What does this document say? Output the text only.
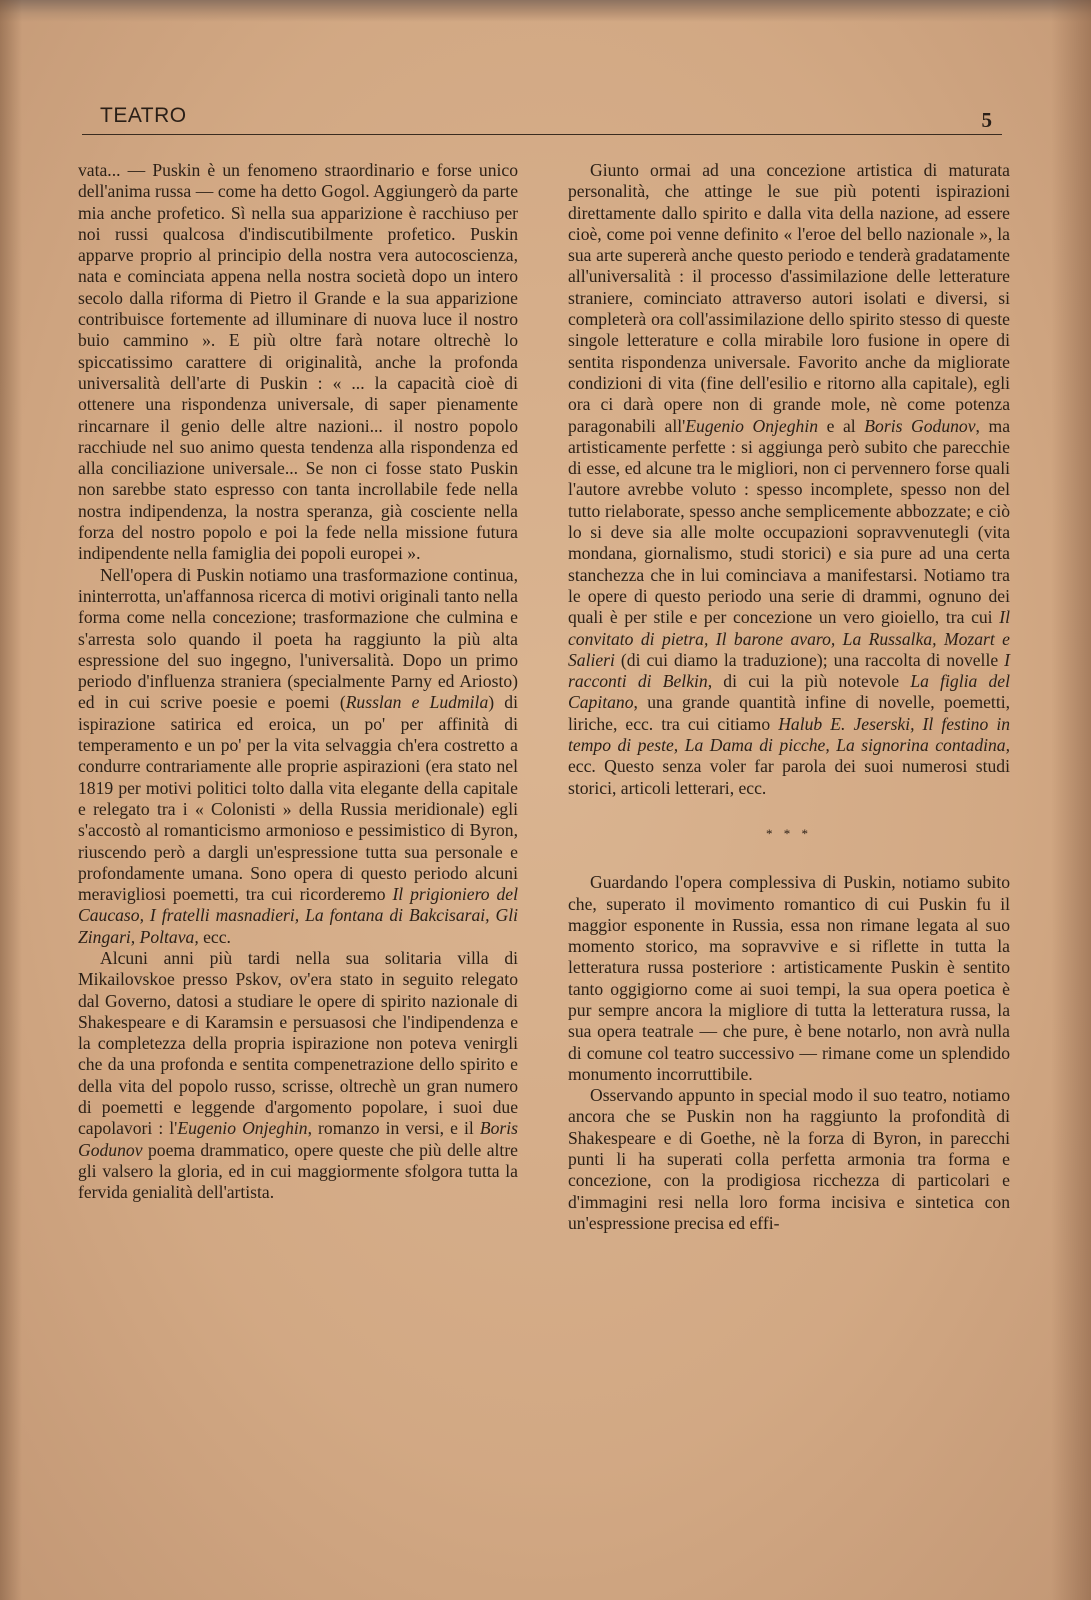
TEATRO	5

vata... — Puskin è un fenomeno straordinario e forse unico dell'anima russa — come ha detto Gogol. Aggiungerò da parte mia anche profetico. Sì nella sua apparizione è racchiuso per noi russi qualcosa d'indiscutibilmente profetico. Puskin apparve proprio al principio della nostra vera autocoscienza, nata e cominciata appena nella nostra società dopo un intero secolo dalla riforma di Pietro il Grande e la sua apparizione contribuisce fortemente ad illuminare di nuova luce il nostro buio cammino ». E più oltre farà notare oltrechè lo spiccatissimo carattere di originalità, anche la profonda universalità dell'arte di Puskin : « ... la capacità cioè di ottenere una rispondenza universale, di saper pienamente rincarnare il genio delle altre nazioni... il nostro popolo racchiude nel suo animo questa tendenza alla rispondenza ed alla conciliazione universale... Se non ci fosse stato Puskin non sarebbe stato espresso con tanta incrollabile fede nella nostra indipendenza, la nostra speranza, già cosciente nella forza del nostro popolo e poi la fede nella missione futura indipendente nella famiglia dei popoli europei ».

Nell'opera di Puskin notiamo una trasformazione continua, ininterrotta, un'affannosa ricerca di motivi originali tanto nella forma come nella concezione; trasformazione che culmina e s'arresta solo quando il poeta ha raggiunto la più alta espressione del suo ingegno, l'universalità. Dopo un primo periodo d'influenza straniera (specialmente Parny ed Ariosto) ed in cui scrive poesie e poemi (Russlan e Ludmila) di ispirazione satirica ed eroica, un po' per affinità di temperamento e un po' per la vita selvaggia ch'era costretto a condurre contrariamente alle proprie aspirazioni (era stato nel 1819 per motivi politici tolto dalla vita elegante della capitale e relegato tra i « Colonisti » della Russia meridionale) egli s'accostò al romanticismo armonioso e pessimistico di Byron, riuscendo però a dargli un'espressione tutta sua personale e profondamente umana. Sono opera di questo periodo alcuni meravigliosi poemetti, tra cui ricorderemo Il prigioniero del Caucaso, I fratelli masnadieri, La fontana di Bakcisarai, Gli Zingari, Poltava, ecc.

Alcuni anni più tardi nella sua solitaria villa di Mikailovskoe presso Pskov, ov'era stato in seguito relegato dal Governo, datosi a studiare le opere di spirito nazionale di Shakespeare e di Karamsin e persuasosi che l'indipendenza e la completezza della propria ispirazione non poteva venirgli che da una profonda e sentita compenetrazione dello spirito e della vita del popolo russo, scrisse, oltrechè un gran numero di poemetti e leggende d'argomento popolare, i suoi due capolavori : l'Eugenio Onjeghin, romanzo in versi, e il Boris Godunov poema drammatico, opere queste che più delle altre gli valsero la gloria, ed in cui maggiormente sfolgora tutta la fervida genialità dell'artista.

Giunto ormai ad una concezione artistica di maturata personalità, che attinge le sue più potenti ispirazioni direttamente dallo spirito e dalla vita della nazione, ad essere cioè, come poi venne definito « l'eroe del bello nazionale », la sua arte supererà anche questo periodo e tenderà gradatamente all'universalità : il processo d'assimilazione delle letterature straniere, cominciato attraverso autori isolati e diversi, si completerà ora coll'assimilazione dello spirito stesso di queste singole letterature e colla mirabile loro fusione in opere di sentita rispondenza universale. Favorito anche da migliorate condizioni di vita (fine dell'esilio e ritorno alla capitale), egli ora ci darà opere non di grande mole, nè come potenza paragonabili all'Eugenio Onjeghin e al Boris Godunov, ma artisticamente perfette : si aggiunga però subito che parecchie di esse, ed alcune tra le migliori, non ci pervennero forse quali l'autore avrebbe voluto : spesso incomplete, spesso non del tutto rielaborate, spesso anche semplicemente abbozzate; e ciò lo si deve sia alle molte occupazioni sopravvenutegli (vita mondana, giornalismo, studi storici) e sia pure ad una certa stanchezza che in lui cominciava a manifestarsi. Notiamo tra le opere di questo periodo una serie di drammi, ognuno dei quali è per stile e per concezione un vero gioiello, tra cui Il convitato di pietra, Il barone avaro, La Russalka, Mozart e Salieri (di cui diamo la traduzione); una raccolta di novelle I racconti di Belkin, di cui la più notevole La figlia del Capitano, una grande quantità infine di novelle, poemetti, liriche, ecc. tra cui citiamo Halub E. Jeserski, Il festino in tempo di peste, La Dama di picche, La signorina contadina, ecc. Questo senza voler far parola dei suoi numerosi studi storici, articoli letterari, ecc.

* * *

Guardando l'opera complessiva di Puskin, notiamo subito che, superato il movimento romantico di cui Puskin fu il maggior esponente in Russia, essa non rimane legata al suo momento storico, ma sopravvive e si riflette in tutta la letteratura russa posteriore : artisticamente Puskin è sentito tanto oggigiorno come ai suoi tempi, la sua opera poetica è pur sempre ancora la migliore di tutta la letteratura russa, la sua opera teatrale — che pure, è bene notarlo, non avrà nulla di comune col teatro successivo — rimane come un splendido monumento incorruttibile.

Osservando appunto in special modo il suo teatro, notiamo ancora che se Puskin non ha raggiunto la profondità di Shakespeare e di Goethe, nè la forza di Byron, in parecchi punti li ha superati colla perfetta armonia tra forma e concezione, con la prodigiosa ricchezza di particolari e d'immagini resi nella loro forma incisiva e sintetica con un'espressione precisa ed effi-
